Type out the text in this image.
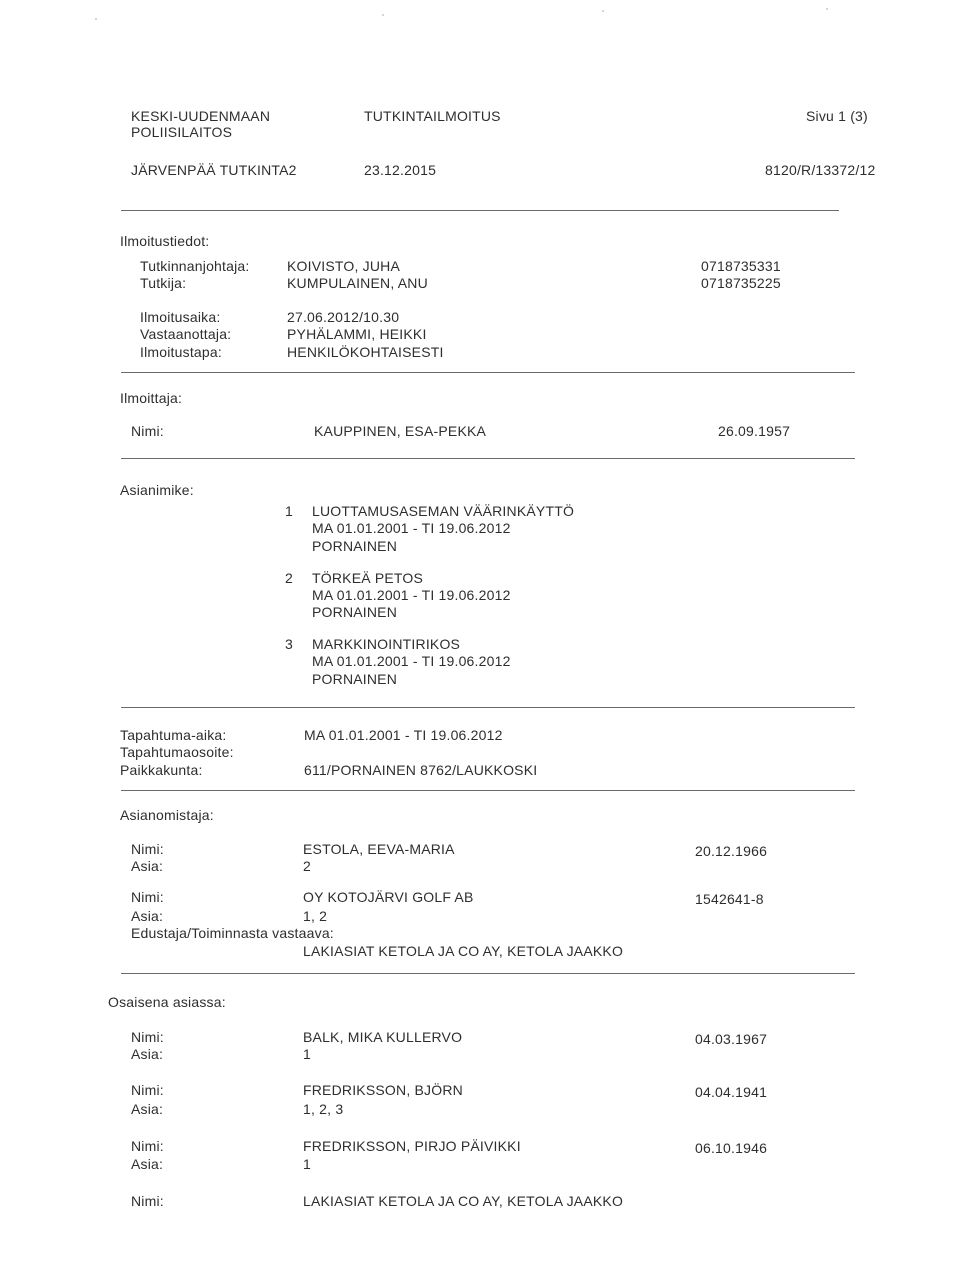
KESKI-UUDENMAAN
POLIISILAITOS
TUTKINTAILMOITUS	Sivu 1 (3)
JÄRVENPÄÄ TUTKINTA2	23.12.2015	8120/R/13372/12
Ilmoitustiedot:
Tutkinnanjohtaja:	KOIVISTO, JUHA	0718735331
Tutkija:	KUMPULAINEN, ANU	0718735225
Ilmoitusaika:	27.06.2012/10.30
Vastaanottaja:	PYHÄLAMMI, HEIKKI
Ilmoitustapa:	HENKILÖKOHTAISESTI
Ilmoittaja:
Nimi:	KAUPPINEN, ESA-PEKKA	26.09.1957
Asianimike:
1 LUOTTAMUSASEMAN VÄÄRINKÄYTTÖ
MA 01.01.2001 - TI 19.06.2012
PORNAINEN
2 TÖRKEÄ PETOS
MA 01.01.2001 - TI 19.06.2012
PORNAINEN
3 MARKKINOINTIRIKOS
MA 01.01.2001 - TI 19.06.2012
PORNAINEN
Tapahtuma-aika:	MA 01.01.2001 - TI 19.06.2012
Tapahtumaosoite:
Paikkakunta:	611/PORNAINEN 8762/LAUKKOSKI
Asianomistaja:
Nimi:	ESTOLA, EEVA-MARIA	20.12.1966
Asia:	2
Nimi:	OY KOTOJÄRVI GOLF AB	1542641-8
Asia:	1, 2
Edustaja/Toiminnasta vastaava:
LAKIASIAT KETOLA JA CO AY, KETOLA JAAKKO
Osaisena asiassa:
Nimi:	BALK, MIKA KULLERVO	04.03.1967
Asia:	1
Nimi:	FREDRIKSSON, BJÖRN	04.04.1941
Asia:	1, 2, 3
Nimi:	FREDRIKSSON, PIRJO PÄIVIKKI	06.10.1946
Asia:	1
Nimi:	LAKIASIAT KETOLA JA CO AY, KETOLA JAAKKO
